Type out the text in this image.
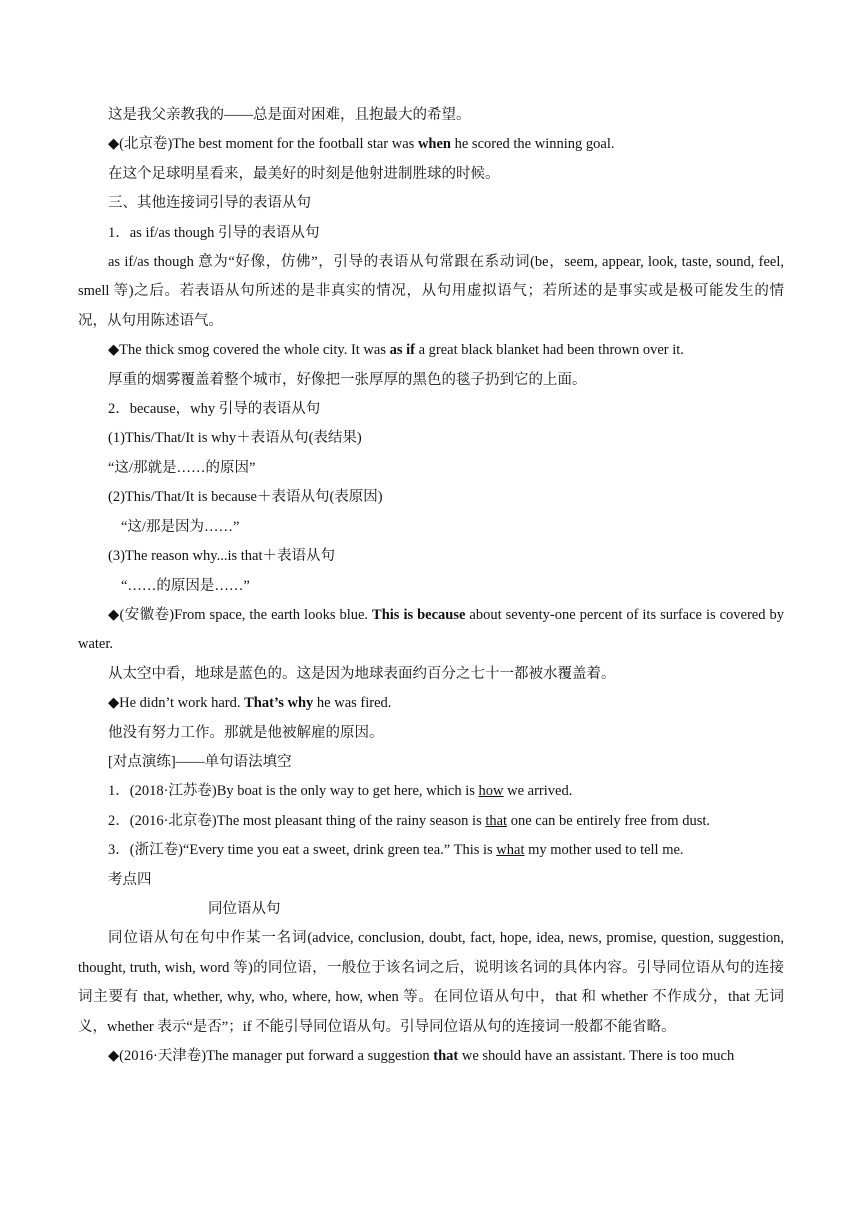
这是我父亲教我的——总是面对困难，且抱最大的希望。

◆(北京卷)The best moment for the football star was when he scored the winning goal.

在这个足球明星看来，最美好的时刻是他射进制胜球的时候。

三、其他连接词引导的表语从句

1．as if/as though 引导的表语从句

as if/as though 意为“好像，仿佛”，引导的表语从句常跟在系动词(be，seem, appear, look, taste, sound, feel, smell 等)之后。若表语从句所述的是非真实的情况，从句用虚拟语气；若所述的是事实或是极可能发生的情况，从句用陈述语气。

◆The thick smog covered the whole city. It was as if a great black blanket had been thrown over it.

厚重的烟雾覆盖着整个城市，好像把一张厚厚的黑色的毯子扔到它的上面。

2．because，why 引导的表语从句

(1)This/That/It is why＋表语从句(表结果)

“这/那就是……的原因”

(2)This/That/It is because＋表语从句(表原因)

“这/那是因为……”

(3)The reason why...is that＋表语从句

“……的原因是……”

◆(安徽卷)From space, the earth looks blue. This is because about seventy-one percent of its surface is covered by water.

从太空中看，地球是蓝色的。这是因为地球表面约百分之七十一都被水覆盖着。

◆He didn’t work hard. That’s why he was fired.

他没有努力工作。那就是他被解雇的原因。

[对点演练]——单句语法填空

1．(2018·江苏卷)By boat is the only way to get here, which is how we arrived.

2．(2016·北京卷)The most pleasant thing of the rainy season is that one can be entirely free from dust.

3．(浙江卷)“Every time you eat a sweet, drink green tea.” This is what my mother used to tell me.

考点四

同位语从句

同位语从句在句中作某一名词(advice, conclusion, doubt, fact, hope, idea, news, promise, question, suggestion, thought, truth, wish, word 等)的同位语，一般位于该名词之后，说明该名词的具体内容。引导同位语从句的连接词主要有 that, whether, why, who, where, how, when 等。在同位语从句中，that 和 whether 不作成分，that 无词义，whether 表示“是否”；if 不能引导同位语从句。引导同位语从句的连接词一般都不能省略。

◆(2016·天津卷)The manager put forward a suggestion that we should have an assistant. There is too much
